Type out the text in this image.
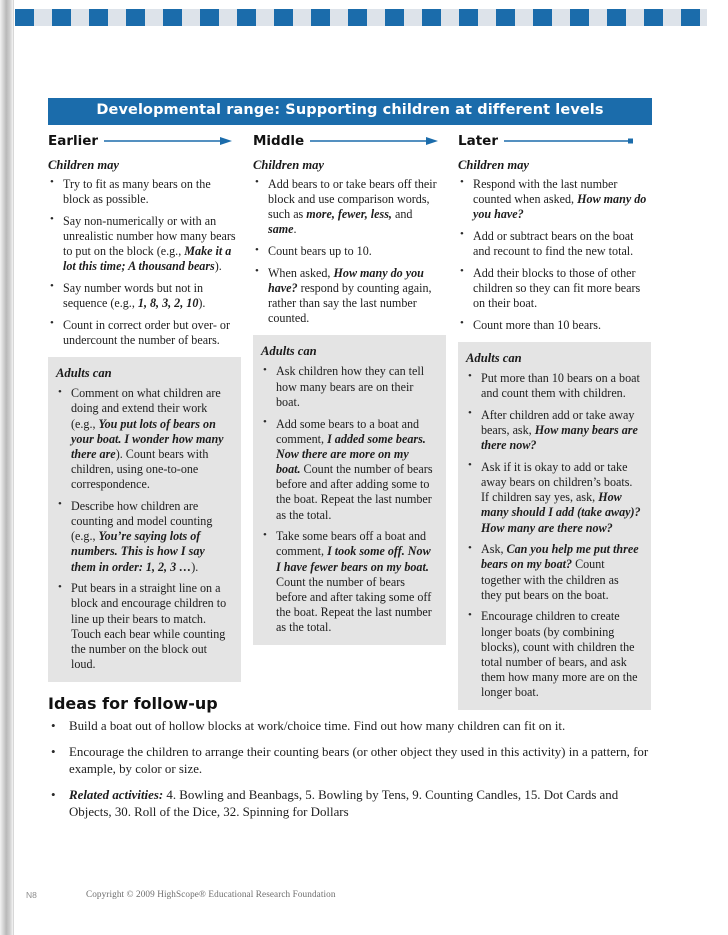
Developmental range: Supporting children at different levels
Earlier
Children may
• Try to fit as many bears on the block as possible.
• Say non-numerically or with an unrealistic number how many bears to put on the block (e.g., Make it a lot this time; A thousand bears).
• Say number words but not in sequence (e.g., 1, 8, 3, 2, 10).
• Count in correct order but over- or undercount the number of bears.
Adults can
• Comment on what children are doing and extend their work (e.g., You put lots of bears on your boat. I wonder how many there are). Count bears with children, using one-to-one correspondence.
• Describe how children are counting and model counting (e.g., You’re saying lots of numbers. This is how I say them in order: 1, 2, 3 …).
• Put bears in a straight line on a block and encourage children to line up their bears to match. Touch each bear while counting the number on the block out loud.
Middle
Children may
• Add bears to or take bears off their block and use comparison words, such as more, fewer, less, and same.
• Count bears up to 10.
• When asked, How many do you have? respond by counting again, rather than say the last number counted.
Adults can
• Ask children how they can tell how many bears are on their boat.
• Add some bears to a boat and comment, I added some bears. Now there are more on my boat. Count the number of bears before and after adding some to the boat. Repeat the last number as the total.
• Take some bears off a boat and comment, I took some off. Now I have fewer bears on my boat. Count the number of bears before and after taking some off the boat. Repeat the last number as the total.
Later
Children may
• Respond with the last number counted when asked, How many do you have?
• Add or subtract bears on the boat and recount to find the new total.
• Add their blocks to those of other children so they can fit more bears on their boat.
• Count more than 10 bears.
Adults can
• Put more than 10 bears on a boat and count them with children.
• After children add or take away bears, ask, How many bears are there now?
• Ask if it is okay to add or take away bears on children’s boats. If children say yes, ask, How many should I add (take away)? How many are there now?
• Ask, Can you help me put three bears on my boat? Count together with the children as they put bears on the boat.
• Encourage children to create longer boats (by combining blocks), count with children the total number of bears, and ask them how many more are on the longer boat.
Ideas for follow-up
• Build a boat out of hollow blocks at work/choice time. Find out how many children can fit on it.
• Encourage the children to arrange their counting bears (or other object they used in this activity) in a pattern, for example, by color or size.
• Related activities: 4. Bowling and Beanbags, 5. Bowling by Tens, 9. Counting Candles, 15. Dot Cards and Objects, 30. Roll of the Dice, 32. Spinning for Dollars
N8	Copyright © 2009 HighScope® Educational Research Foundation
